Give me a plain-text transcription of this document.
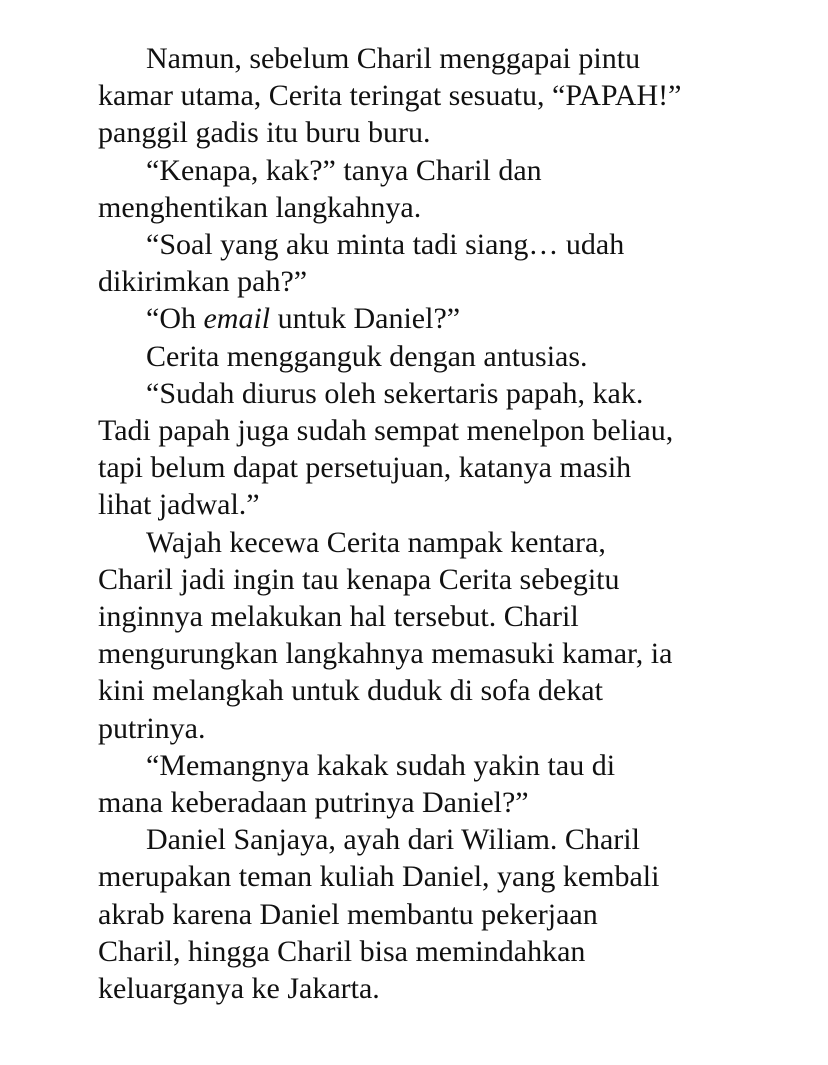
Namun, sebelum Charil menggapai pintu
kamar utama, Cerita teringat sesuatu, “PAPAH!”
panggil gadis itu buru buru.

“Kenapa, kak?” tanya Charil dan
menghentikan langkahnya.

“Soal yang aku minta tadi siang… udah
dikirimkan pah?”

“Oh email untuk Daniel?”

Cerita mengganguk dengan antusias.

“Sudah diurus oleh sekertaris papah, kak.
Tadi papah juga sudah sempat menelpon beliau,
tapi belum dapat persetujuan, katanya masih
lihat jadwal.”

Wajah kecewa Cerita nampak kentara,
Charil jadi ingin tau kenapa Cerita sebegitu
inginnya melakukan hal tersebut. Charil
mengurungkan langkahnya memasuki kamar, ia
kini melangkah untuk duduk di sofa dekat
putrinya.

“Memangnya kakak sudah yakin tau di
mana keberadaan putrinya Daniel?”

Daniel Sanjaya, ayah dari Wiliam. Charil
merupakan teman kuliah Daniel, yang kembali
akrab karena Daniel membantu pekerjaan
Charil, hingga Charil bisa memindahkan
keluarganya ke Jakarta.
